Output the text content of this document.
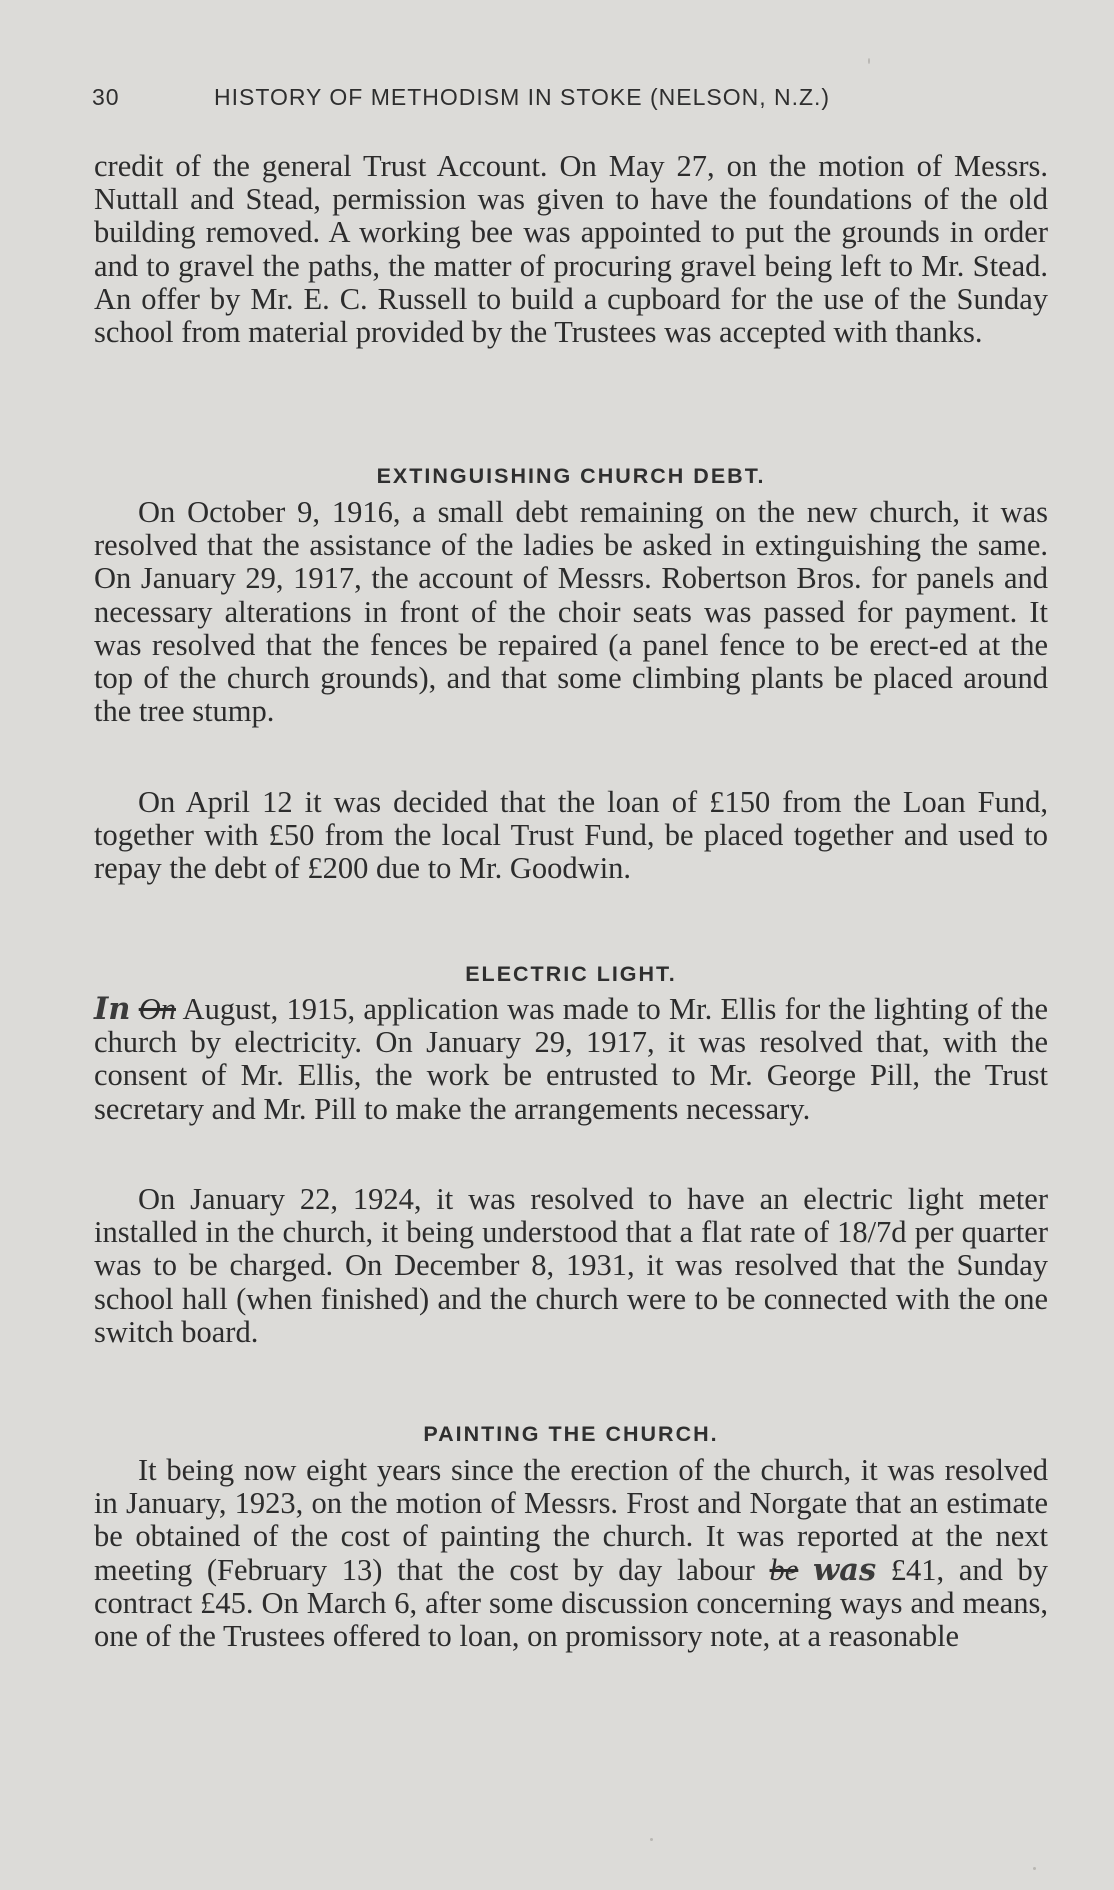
30	HISTORY OF METHODISM IN STOKE (NELSON, N.Z.)

credit of the general Trust Account. On May 27, on the motion of Messrs. Nuttall and Stead, permission was given to have the foundations of the old building removed. A working bee was appointed to put the grounds in order and to gravel the paths, the matter of procuring gravel being left to Mr. Stead. An offer by Mr. E. C. Russell to build a cupboard for the use of the Sunday school from material provided by the Trustees was accepted with thanks.

EXTINGUISHING CHURCH DEBT.

On October 9, 1916, a small debt remaining on the new church, it was resolved that the assistance of the ladies be asked in extinguishing the same. On January 29, 1917, the account of Messrs. Robertson Bros. for panels and necessary alterations in front of the choir seats was passed for payment. It was resolved that the fences be repaired (a panel fence to be erect-ed at the top of the church grounds), and that some climbing plants be placed around the tree stump.

On April 12 it was decided that the loan of £150 from the Loan Fund, together with £50 from the local Trust Fund, be placed together and used to repay the debt of £200 due to Mr. Goodwin.

ELECTRIC LIGHT.

In On August, 1915, application was made to Mr. Ellis for the lighting of the church by electricity. On January 29, 1917, it was resolved that, with the consent of Mr. Ellis, the work be entrusted to Mr. George Pill, the Trust secretary and Mr. Pill to make the arrangements necessary.

On January 22, 1924, it was resolved to have an electric light meter installed in the church, it being understood that a flat rate of 18/7d per quarter was to be charged. On December 8, 1931, it was resolved that the Sunday school hall (when finished) and the church were to be connected with the one switch board.

PAINTING THE CHURCH.

It being now eight years since the erection of the church, it was resolved in January, 1923, on the motion of Messrs. Frost and Norgate that an estimate be obtained of the cost of painting the church. It was reported at the next meeting (February 13) that the cost by day labour be was £41, and by contract £45. On March 6, after some discussion concerning ways and means, one of the Trustees offered to loan, on promissory note, at a reasonable
